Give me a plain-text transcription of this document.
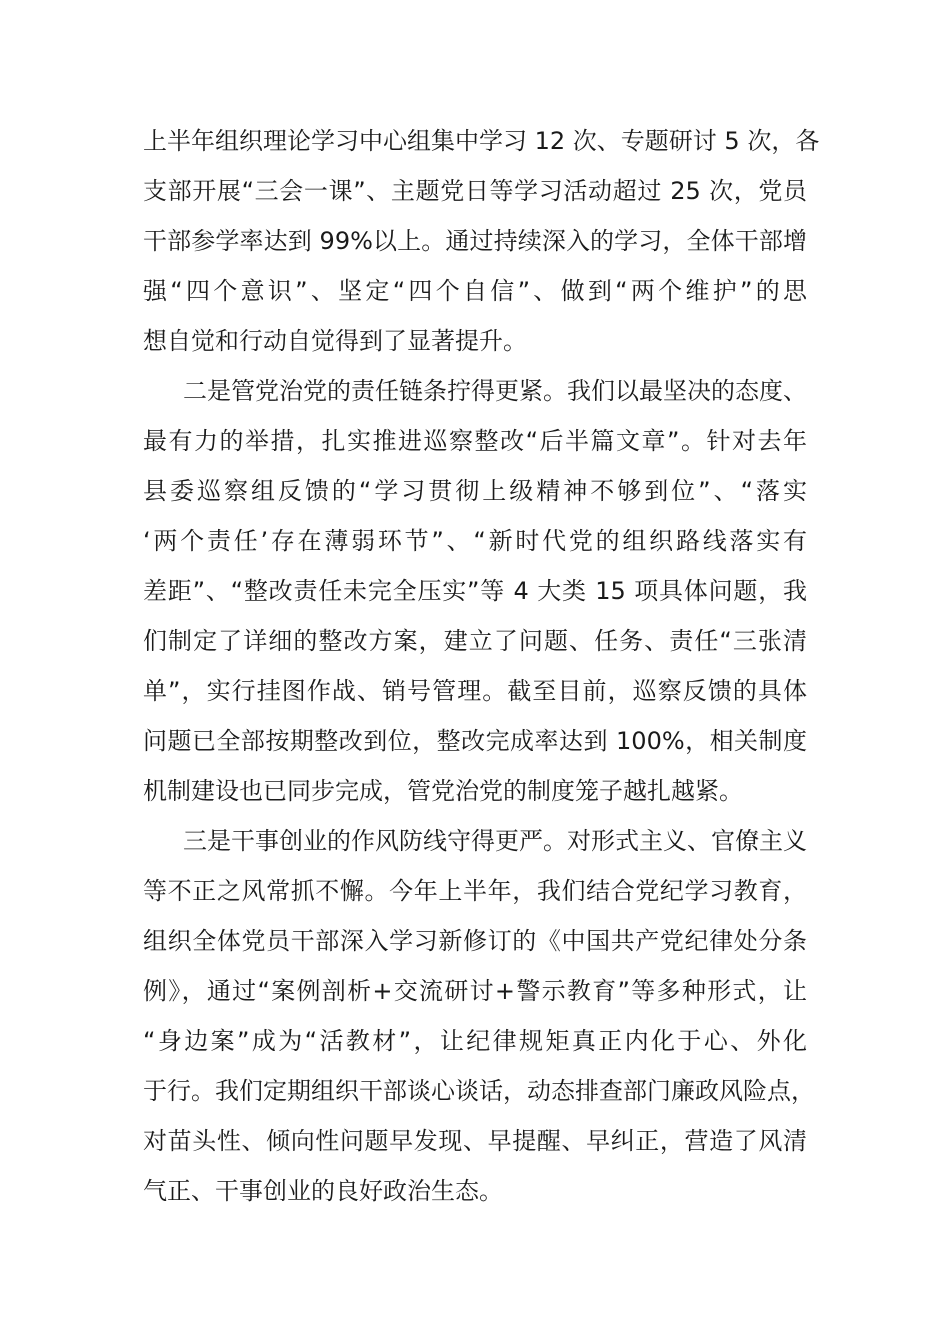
上半年组织理论学习中心组集中学习 12 次、专题研讨 5 次，各
支部开展“三会一课”、主题党日等学习活动超过 25 次，党员
干部参学率达到 99%以上。通过持续深入的学习，全体干部增
强“四个意识”、坚定“四个自信”、做到“两个维护”的思
想自觉和行动自觉得到了显著提升。
二是管党治党的责任链条拧得更紧。我们以最坚决的态度、
最有力的举措，扎实推进巡察整改“后半篇文章”。针对去年
县委巡察组反馈的“学习贯彻上级精神不够到位”、“落实
‘两个责任’存在薄弱环节”、“新时代党的组织路线落实有
差距”、“整改责任未完全压实”等 4 大类 15 项具体问题，我
们制定了详细的整改方案，建立了问题、任务、责任“三张清
单”，实行挂图作战、销号管理。截至目前，巡察反馈的具体
问题已全部按期整改到位，整改完成率达到 100%，相关制度
机制建设也已同步完成，管党治党的制度笼子越扎越紧。
三是干事创业的作风防线守得更严。对形式主义、官僚主义
等不正之风常抓不懈。今年上半年，我们结合党纪学习教育，
组织全体党员干部深入学习新修订的《中国共产党纪律处分条
例》，通过“案例剖析+交流研讨+警示教育”等多种形式，让
“身边案”成为“活教材”，让纪律规矩真正内化于心、外化
于行。我们定期组织干部谈心谈话，动态排查部门廉政风险点，
对苗头性、倾向性问题早发现、早提醒、早纠正，营造了风清
气正、干事创业的良好政治生态。
